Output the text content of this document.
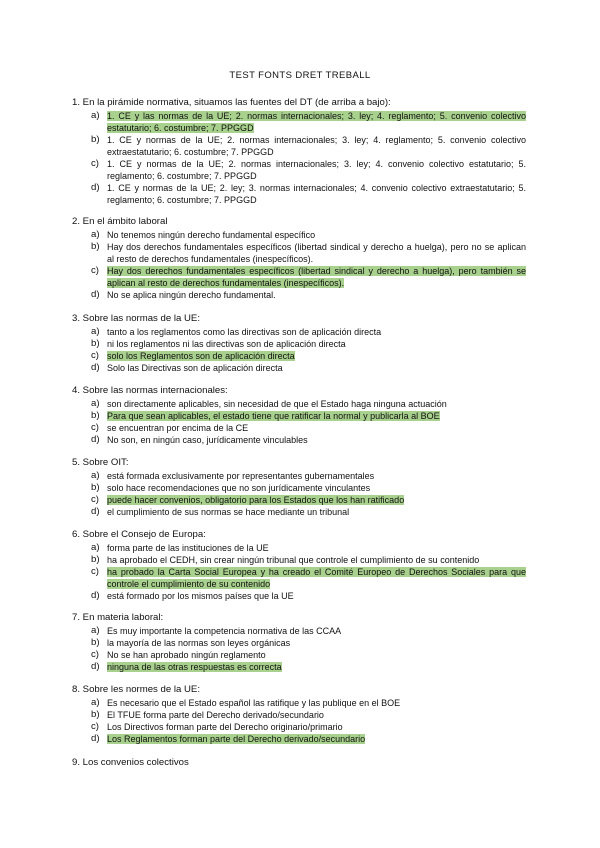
TEST FONTS DRET TREBALL
1. En la pirámide normativa, situamos las fuentes del DT (de arriba a bajo):
a) 1. CE y las normas de la UE; 2. normas internacionales; 3. ley; 4. reglamento; 5. convenio colectivo estatutario; 6. costumbre; 7. PPGGD
b) 1. CE y normas de la UE; 2. normas internacionales; 3. ley; 4. reglamento; 5. convenio colectivo extraestatutario; 6. costumbre; 7. PPGGD
c) 1. CE y normas de la UE; 2. normas internacionales; 3. ley; 4. convenio colectivo estatutario; 5. reglamento; 6. costumbre; 7. PPGGD
d) 1. CE y normas de la UE; 2. ley; 3. normas internacionales; 4. convenio colectivo extraestatutario; 5. reglamento; 6. costumbre; 7. PPGGD
2. En el ámbito laboral
a) No tenemos ningún derecho fundamental específico
b) Hay dos derechos fundamentales específicos (libertad sindical y derecho a huelga), pero no se aplican al resto de derechos fundamentales (inespecíficos).
c) Hay dos derechos fundamentales específicos (libertad sindical y derecho a huelga), pero también se aplican al resto de derechos fundamentales (inespecíficos).
d) No se aplica ningún derecho fundamental.
3. Sobre las normas de la UE:
a) tanto a los reglamentos como las directivas son de aplicación directa
b) ni los reglamentos ni las directivas son de aplicación directa
c) solo los Reglamentos son de aplicación directa
d) Solo las Directivas son de aplicación directa
4. Sobre las normas internacionales:
a) son directamente aplicables, sin necesidad de que el Estado haga ninguna actuación
b) Para que sean aplicables, el estado tiene que ratificar la normal y publicarla al BOE
c) se encuentran por encima de la CE
d) No son, en ningún caso, jurídicamente vinculables
5. Sobre OIT:
a) está formada exclusivamente por representantes gubernamentales
b) solo hace recomendaciones que no son jurídicamente vinculantes
c) puede hacer convenios, obligatorio para los Estados que los han ratificado
d) el cumplimiento de sus normas se hace mediante un tribunal
6. Sobre el Consejo de Europa:
a) forma parte de las instituciones de la UE
b) ha aprobado el CEDH, sin crear ningún tribunal que controle el cumplimiento de su contenido
c) ha probado la Carta Social Europea y ha creado el Comité Europeo de Derechos Sociales para que controle el cumplimiento de su contenido
d) está formado por los mismos países que la UE
7. En materia laboral:
a) Es muy importante la competencia normativa de las CCAA
b) la mayoría de las normas son leyes orgánicas
c) No se han aprobado ningún reglamento
d) ninguna de las otras respuestas es correcta
8. Sobre les normes de la UE:
a) Es necesario que el Estado español las ratifique y las publique en el BOE
b) El TFUE forma parte del Derecho derivado/secundario
c) Los Directivos forman parte del Derecho originario/primario
d) Los Reglamentos forman parte del Derecho derivado/secundario
9. Los convenios colectivos
